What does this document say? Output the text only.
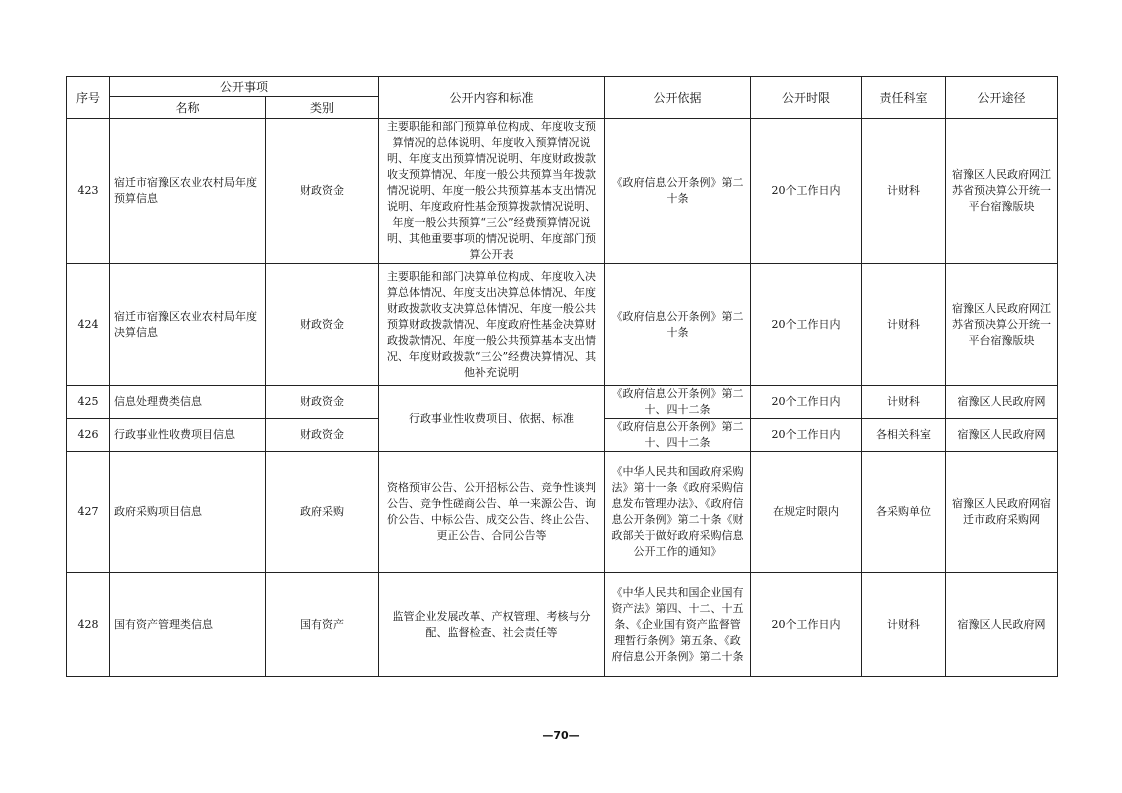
序号	公开事项		公开内容和标准	公开依据	公开时限	责任科室	公开途径
	名称	类别					
423	宿迁市宿豫区农业农村局年度预算信息	财政资金	主要职能和部门预算单位构成、年度收支预算情况的总体说明、年度收入预算情况说明、年度支出预算情况说明、年度财政拨款收支预算情况、年度一般公共预算当年拨款情况说明、年度一般公共预算基本支出情况说明、年度政府性基金预算拨款情况说明、年度一般公共预算“三公”经费预算情况说明、其他重要事项的情况说明、年度部门预算公开表	《政府信息公开条例》第二十条	20个工作日内	计财科	宿豫区人民政府网江苏省预决算公开统一平台宿豫版块
424	宿迁市宿豫区农业农村局年度决算信息	财政资金	主要职能和部门决算单位构成、年度收入决算总体情况、年度支出决算总体情况、年度财政拨款收支决算总体情况、年度一般公共预算财政拨款情况、年度政府性基金决算财政拨款情况、年度一般公共预算基本支出情况、年度财政拨款“三公”经费决算情况、其他补充说明	《政府信息公开条例》第二十条	20个工作日内	计财科	宿豫区人民政府网江苏省预决算公开统一平台宿豫版块
425	信息处理费类信息	财政资金	行政事业性收费项目、依据、标准	《政府信息公开条例》第二十、四十二条	20个工作日内	计财科	宿豫区人民政府网
426	行政事业性收费项目信息	财政资金		《政府信息公开条例》第二十、四十二条	20个工作日内	各相关科室	宿豫区人民政府网
427	政府采购项目信息	政府采购	资格预审公告、公开招标公告、竞争性谈判公告、竞争性磋商公告、单一来源公告、询价公告、中标公告、成交公告、终止公告、更正公告、合同公告等	《中华人民共和国政府采购法》第十一条《政府采购信息发布管理办法》、《政府信息公开条例》第二十条《财政部关于做好政府采购信息公开工作的通知》	在规定时限内	各采购单位	宿豫区人民政府网宿迁市政府采购网
428	国有资产管理类信息	国有资产	监管企业发展改革、产权管理、考核与分配、监督检查、社会责任等	《中华人民共和国企业国有资产法》第四、十二、十五条、《企业国有资产监督管理暂行条例》第五条、《政府信息公开条例》第二十条	20个工作日内	计财科	宿豫区人民政府网
—70—
